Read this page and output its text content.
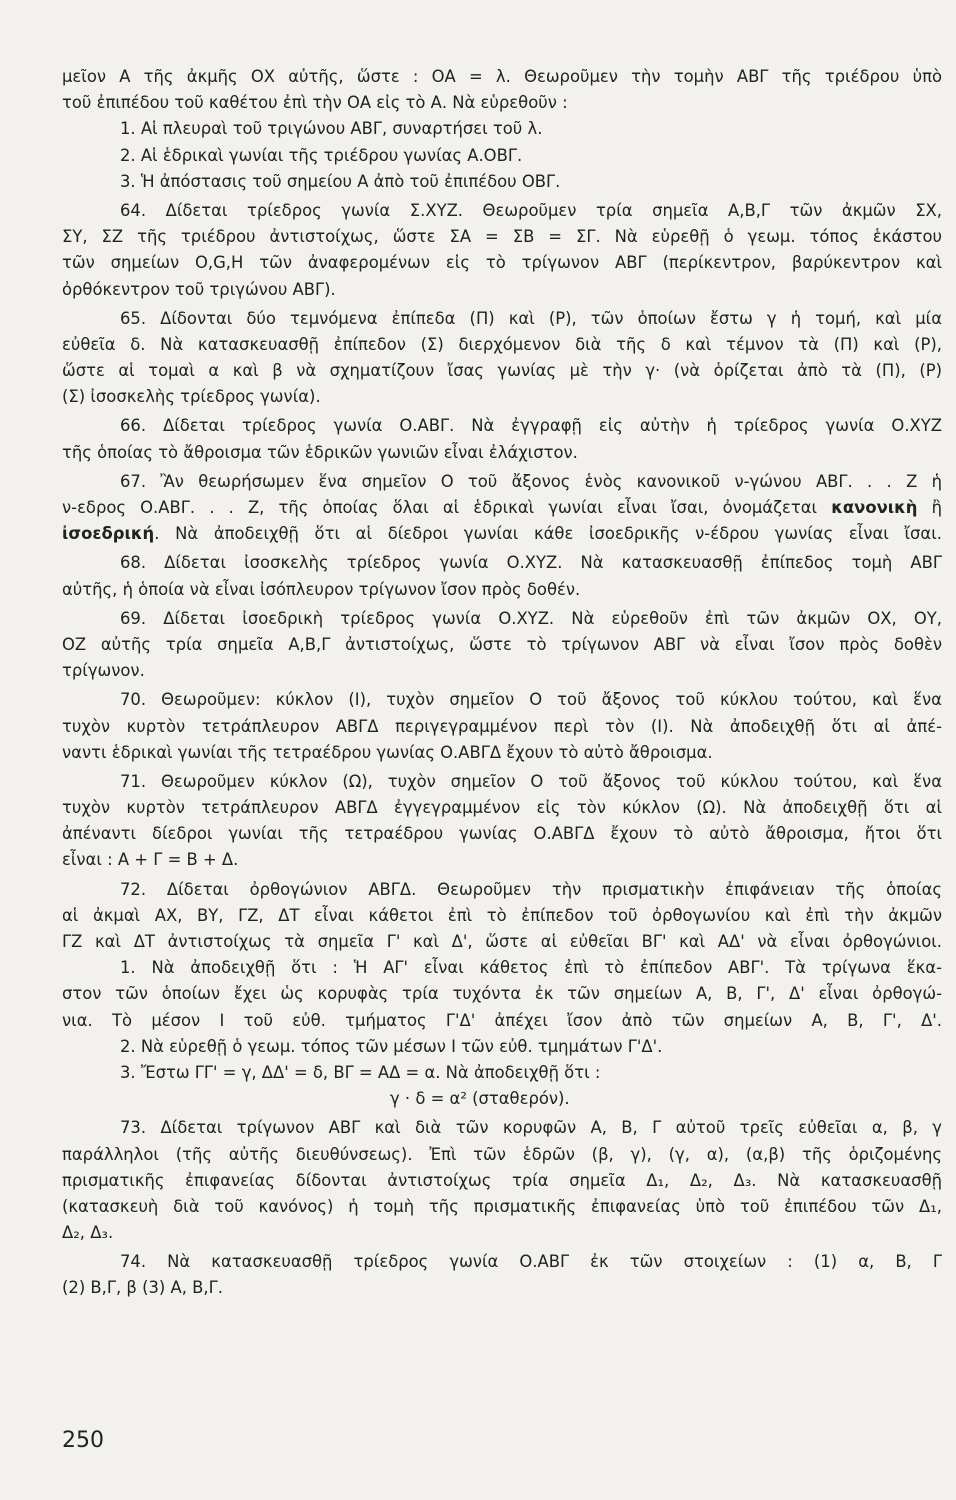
μεῖον Α τῆς ἀκμῆς ΟΧ αὐτῆς, ὥστε : ΟΑ = λ. Θεωροῦμεν τὴν τομὴν ΑΒΓ τῆς τριέδρου ὑπὸ
τοῦ ἐπιπέδου τοῦ καθέτου ἐπὶ τὴν ΟΑ εἰς τὸ Α. Νὰ εὑρεθοῦν :
1. Αἱ πλευραὶ τοῦ τριγώνου ΑΒΓ, συναρτήσει τοῦ λ.
2. Αἱ ἑδρικαὶ γωνίαι τῆς τριέδρου γωνίας Α.ΟΒΓ.
3. Ἡ ἀπόστασις τοῦ σημείου Α ἀπὸ τοῦ ἐπιπέδου ΟΒΓ.
64. Δίδεται τρίεδρος γωνία Σ.ΧΥΖ. Θεωροῦμεν τρία σημεῖα Α,Β,Γ τῶν ἀκμῶν ΣΧ,
ΣΥ, ΣΖ τῆς τριέδρου ἀντιστοίχως, ὥστε ΣΑ = ΣΒ = ΣΓ. Νὰ εὑρεθῇ ὁ γεωμ. τόπος ἑκάστου
τῶν σημείων Ο,G,Η τῶν ἀναφερομένων εἰς τὸ τρίγωνον ΑΒΓ (περίκεντρον, βαρύκεντρον καὶ
ὀρθόκεντρον τοῦ τριγώνου ΑΒΓ).
65. Δίδονται δύο τεμνόμενα ἐπίπεδα (Π) καὶ (Ρ), τῶν ὁποίων ἔστω γ ἡ τομή, καὶ μία
εὐθεῖα δ. Νὰ κατασκευασθῇ ἐπίπεδον (Σ) διερχόμενον διὰ τῆς δ καὶ τέμνον τὰ (Π) καὶ (Ρ),
ὥστε αἱ τομαὶ α καὶ β νὰ σχηματίζουν ἴσας γωνίας μὲ τὴν γ· (νὰ ὁρίζεται ἀπὸ τὰ (Π), (Ρ)
(Σ) ἰσοσκελὴς τρίεδρος γωνία).
66. Δίδεται τρίεδρος γωνία Ο.ΑΒΓ. Νὰ ἐγγραφῇ εἰς αὐτὴν ἡ τρίεδρος γωνία Ο.ΧΥΖ
τῆς ὁποίας τὸ ἄθροισμα τῶν ἑδρικῶν γωνιῶν εἶναι ἐλάχιστον.
67. Ἂν θεωρήσωμεν ἕνα σημεῖον Ο τοῦ ἄξονος ἑνὸς κανονικοῦ ν-γώνου ΑΒΓ. . . Ζ ἡ
ν-εδρος Ο.ΑΒΓ. . . Ζ, τῆς ὁποίας ὅλαι αἱ ἑδρικαὶ γωνίαι εἶναι ἴσαι, ὀνομάζεται κανονικὴ ἢ
ἰσοεδρική. Νὰ ἀποδειχθῇ ὅτι αἱ δίεδροι γωνίαι κάθε ἰσοεδρικῆς ν-έδρου γωνίας εἶναι ἴσαι.
68. Δίδεται ἰσοσκελὴς τρίεδρος γωνία Ο.ΧΥΖ. Νὰ κατασκευασθῇ ἐπίπεδος τομὴ ΑΒΓ
αὐτῆς, ἡ ὁποία νὰ εἶναι ἰσόπλευρον τρίγωνον ἴσον πρὸς δοθέν.
69. Δίδεται ἰσοεδρικὴ τρίεδρος γωνία Ο.ΧΥΖ. Νὰ εὑρεθοῦν ἐπὶ τῶν ἀκμῶν ΟΧ, ΟΥ,
ΟΖ αὐτῆς τρία σημεῖα Α,Β,Γ ἀντιστοίχως, ὥστε τὸ τρίγωνον ΑΒΓ νὰ εἶναι ἴσον πρὸς δοθὲν
τρίγωνον.
70. Θεωροῦμεν: κύκλον (Ι), τυχὸν σημεῖον Ο τοῦ ἄξονος τοῦ κύκλου τούτου, καὶ ἕνα
τυχὸν κυρτὸν τετράπλευρον ΑΒΓΔ περιγεγραμμένον περὶ τὸν (Ι). Νὰ ἀποδειχθῇ ὅτι αἱ ἀπέ-
ναντι ἑδρικαὶ γωνίαι τῆς τετραέδρου γωνίας Ο.ΑΒΓΔ ἔχουν τὸ αὐτὸ ἄθροισμα.
71. Θεωροῦμεν κύκλον (Ω), τυχὸν σημεῖον Ο τοῦ ἄξονος τοῦ κύκλου τούτου, καὶ ἕνα
τυχὸν κυρτὸν τετράπλευρον ΑΒΓΔ ἐγγεγραμμένον εἰς τὸν κύκλον (Ω). Νὰ ἀποδειχθῇ ὅτι αἱ
ἀπέναντι δίεδροι γωνίαι τῆς τετραέδρου γωνίας Ο.ΑΒΓΔ ἔχουν τὸ αὐτὸ ἄθροισμα, ἤτοι ὅτι
εἶναι : Α + Γ = Β + Δ.
72. Δίδεται ὀρθογώνιον ΑΒΓΔ. Θεωροῦμεν τὴν πρισματικὴν ἐπιφάνειαν τῆς ὁποίας
αἱ ἀκμαὶ ΑΧ, ΒΥ, ΓΖ, ΔΤ εἶναι κάθετοι ἐπὶ τὸ ἐπίπεδον τοῦ ὀρθογωνίου καὶ ἐπὶ τὴν ἀκμῶν
ΓΖ καὶ ΔΤ ἀντιστοίχως τὰ σημεῖα Γ' καὶ Δ', ὥστε αἱ εὐθεῖαι ΒΓ' καὶ ΑΔ' νὰ εἶναι ὀρθογώνιοι.
1. Νὰ ἀποδειχθῇ ὅτι : Ἡ ΑΓ' εἶναι κάθετος ἐπὶ τὸ ἐπίπεδον ΑΒΓ'. Τὰ τρίγωνα ἕκα-
στον τῶν ὁποίων ἔχει ὡς κορυφὰς τρία τυχόντα ἐκ τῶν σημείων Α, Β, Γ', Δ' εἶναι ὀρθογώ-
νια. Τὸ μέσον Ι τοῦ εὐθ. τμήματος Γ'Δ' ἀπέχει ἴσον ἀπὸ τῶν σημείων Α, Β, Γ', Δ'.
2. Νὰ εὑρεθῇ ὁ γεωμ. τόπος τῶν μέσων Ι τῶν εὐθ. τμημάτων Γ'Δ'.
3. Ἔστω ΓΓ' = γ, ΔΔ' = δ, ΒΓ = ΑΔ = α. Νὰ ἀποδειχθῇ ὅτι :
γ · δ = α² (σταθερόν).
73. Δίδεται τρίγωνον ΑΒΓ καὶ διὰ τῶν κορυφῶν Α, Β, Γ αὐτοῦ τρεῖς εὐθεῖαι α, β, γ
παράλληλοι (τῆς αὐτῆς διευθύνσεως). Ἐπὶ τῶν ἑδρῶν (β, γ), (γ, α), (α,β) τῆς ὁριζομένης
πρισματικῆς ἐπιφανείας δίδονται ἀντιστοίχως τρία σημεῖα Δ₁, Δ₂, Δ₃. Νὰ κατασκευασθῇ
(κατασκευὴ διὰ τοῦ κανόνος) ἡ τομὴ τῆς πρισματικῆς ἐπιφανείας ὑπὸ τοῦ ἐπιπέδου τῶν Δ₁,
Δ₂, Δ₃.
74. Νὰ κατασκευασθῇ τρίεδρος γωνία Ο.ΑΒΓ ἐκ τῶν στοιχείων : (1) α, Β, Γ
(2) Β,Γ, β (3) Α, Β,Γ.
250
